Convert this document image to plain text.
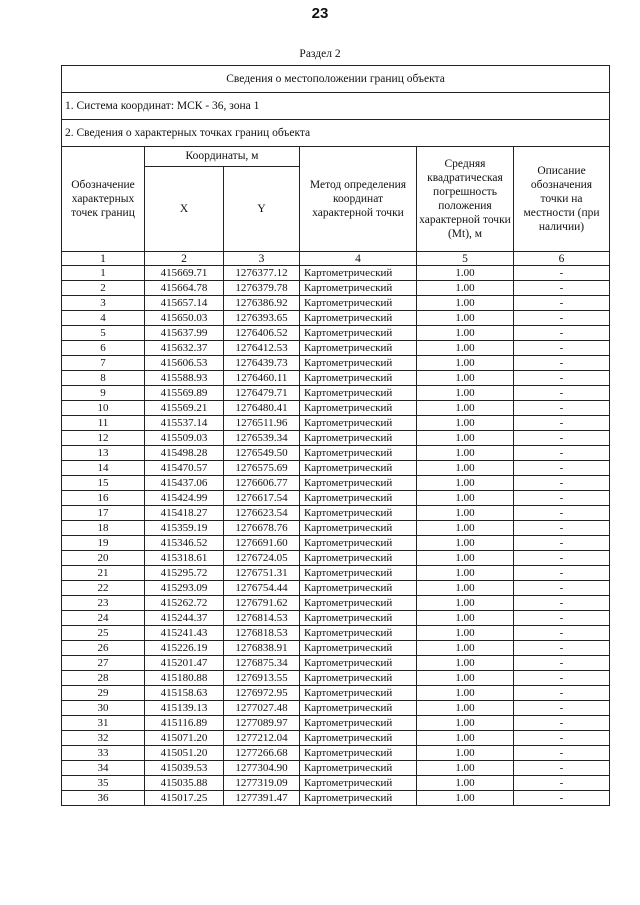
23
Раздел 2
Сведения о местоположении границ объекта					
1. Система координат: МСК - 36, зона 1					
2. Сведения о характерных точках границ объекта					
Обозначение характерных точек границ	Координаты, м		Метод определения координат характерной точки	Средняя квадратическая погрешность положения характерной точки (Mt), м	Описание обозначения точки на местности (при наличии)
	X	Y			
1	2	3	4	5	6
1	415669.71	1276377.12	Картометрический	1.00	-
2	415664.78	1276379.78	Картометрический	1.00	-
3	415657.14	1276386.92	Картометрический	1.00	-
4	415650.03	1276393.65	Картометрический	1.00	-
5	415637.99	1276406.52	Картометрический	1.00	-
6	415632.37	1276412.53	Картометрический	1.00	-
7	415606.53	1276439.73	Картометрический	1.00	-
8	415588.93	1276460.11	Картометрический	1.00	-
9	415569.89	1276479.71	Картометрический	1.00	-
10	415569.21	1276480.41	Картометрический	1.00	-
11	415537.14	1276511.96	Картометрический	1.00	-
12	415509.03	1276539.34	Картометрический	1.00	-
13	415498.28	1276549.50	Картометрический	1.00	-
14	415470.57	1276575.69	Картометрический	1.00	-
15	415437.06	1276606.77	Картометрический	1.00	-
16	415424.99	1276617.54	Картометрический	1.00	-
17	415418.27	1276623.54	Картометрический	1.00	-
18	415359.19	1276678.76	Картометрический	1.00	-
19	415346.52	1276691.60	Картометрический	1.00	-
20	415318.61	1276724.05	Картометрический	1.00	-
21	415295.72	1276751.31	Картометрический	1.00	-
22	415293.09	1276754.44	Картометрический	1.00	-
23	415262.72	1276791.62	Картометрический	1.00	-
24	415244.37	1276814.53	Картометрический	1.00	-
25	415241.43	1276818.53	Картометрический	1.00	-
26	415226.19	1276838.91	Картометрический	1.00	-
27	415201.47	1276875.34	Картометрический	1.00	-
28	415180.88	1276913.55	Картометрический	1.00	-
29	415158.63	1276972.95	Картометрический	1.00	-
30	415139.13	1277027.48	Картометрический	1.00	-
31	415116.89	1277089.97	Картометрический	1.00	-
32	415071.20	1277212.04	Картометрический	1.00	-
33	415051.20	1277266.68	Картометрический	1.00	-
34	415039.53	1277304.90	Картометрический	1.00	-
35	415035.88	1277319.09	Картометрический	1.00	-
36	415017.25	1277391.47	Картометрический	1.00	-
